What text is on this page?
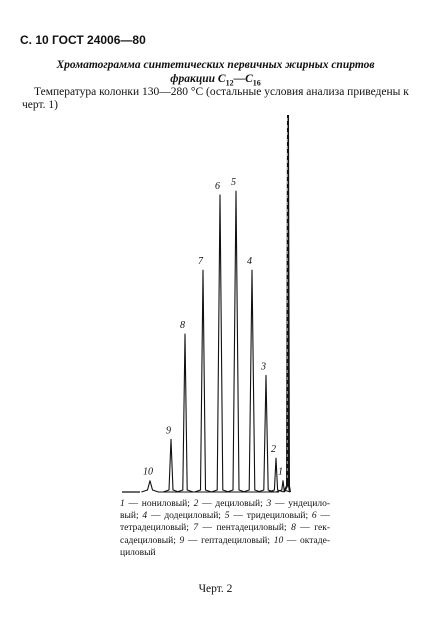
С. 10 ГОСТ 24006—80
Хроматограмма синтетических первичных жирных спиртов
фракции $С_{12}—С_{16}$
Температура колонки 130—280 °С (остальные условия анализа приведены к черт. 1)
10
9
8
7
6 5
4
3
2
1
1 — нониловый; 2 — дециловый; 3 — ундецило-вый; 4 — додециловый; 5 — тридециловый; 6 — тетрадециловый; 7 — пентадециловый; 8 — гек-садециловый; 9 — гептадециловый; 10 — октаде-циловый
Черт. 2
